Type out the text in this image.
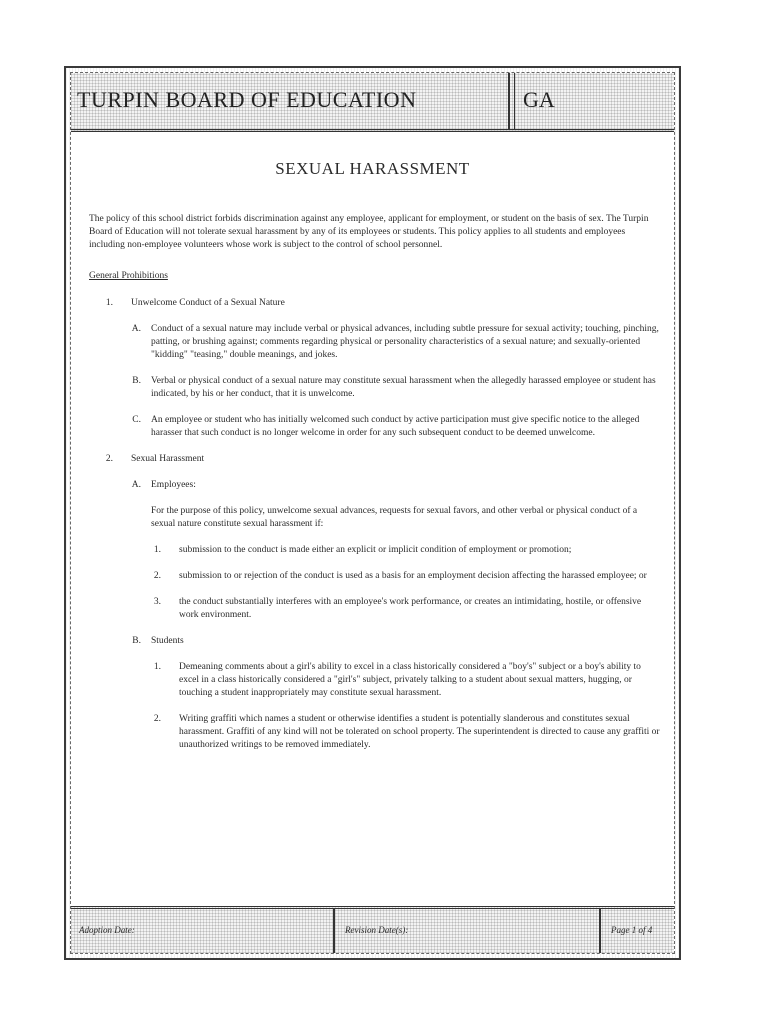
TURPIN BOARD OF EDUCATION	GA
SEXUAL HARASSMENT

The policy of this school district forbids discrimination against any employee, applicant for employment, or student on the basis of sex. The Turpin Board of Education will not tolerate sexual harassment by any of its employees or students. This policy applies to all students and employees including non-employee volunteers whose work is subject to the control of school personnel.

General Prohibitions

1. Unwelcome Conduct of a Sexual Nature
A. Conduct of a sexual nature may include verbal or physical advances, including subtle pressure for sexual activity; touching, pinching, patting, or brushing against; comments regarding physical or personality characteristics of a sexual nature; and sexually-oriented "kidding" "teasing," double meanings, and jokes.
B. Verbal or physical conduct of a sexual nature may constitute sexual harassment when the allegedly harassed employee or student has indicated, by his or her conduct, that it is unwelcome.
C. An employee or student who has initially welcomed such conduct by active participation must give specific notice to the alleged harasser that such conduct is no longer welcome in order for any such subsequent conduct to be deemed unwelcome.
2. Sexual Harassment
A. Employees:

For the purpose of this policy, unwelcome sexual advances, requests for sexual favors, and other verbal or physical conduct of a sexual nature constitute sexual harassment if:

1. submission to the conduct is made either an explicit or implicit condition of employment or promotion;
2. submission to or rejection of the conduct is used as a basis for an employment decision affecting the harassed employee; or
3. the conduct substantially interferes with an employee's work performance, or creates an intimidating, hostile, or offensive work environment.
B. Students
1. Demeaning comments about a girl's ability to excel in a class historically considered a "boy's" subject or a boy's ability to excel in a class historically considered a "girl's" subject, privately talking to a student about sexual matters, hugging, or touching a student inappropriately may constitute sexual harassment.
2. Writing graffiti which names a student or otherwise identifies a student is potentially slanderous and constitutes sexual harassment. Graffiti of any kind will not be tolerated on school property. The superintendent is directed to cause any graffiti or unauthorized writings to be removed immediately.
Adoption Date:	Revision Date(s):	Page 1 of 4
